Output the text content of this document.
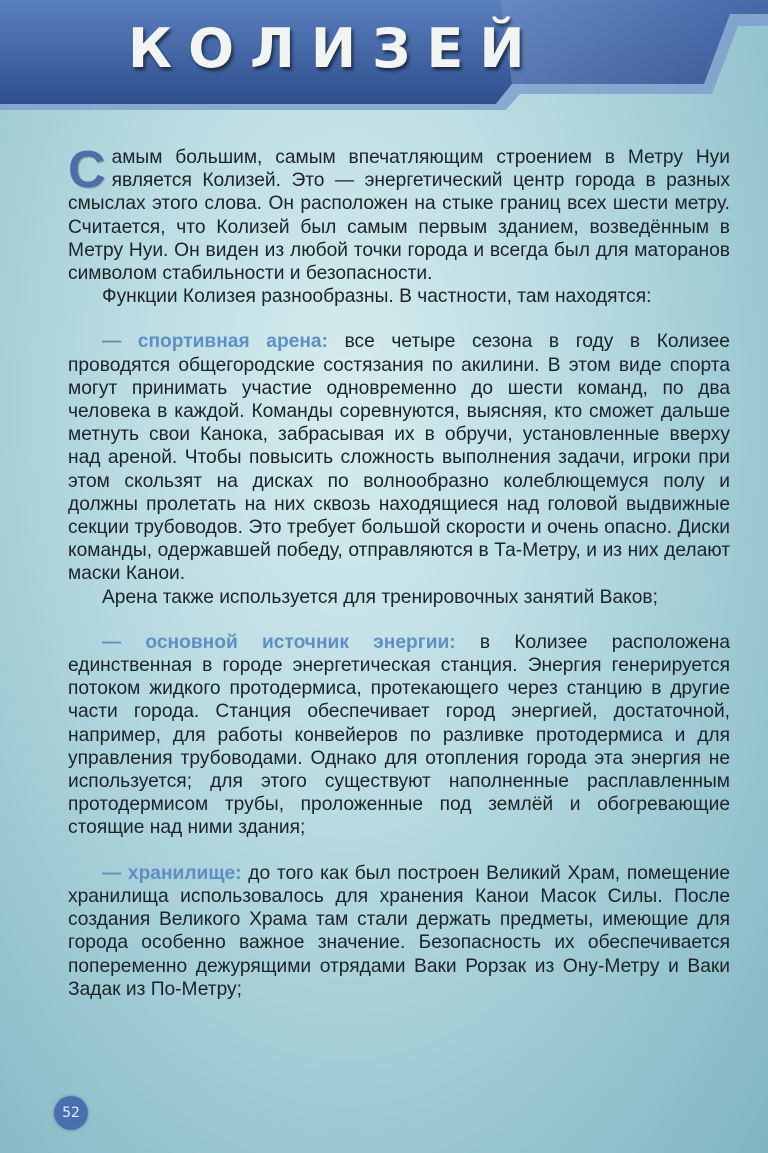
КОЛИЗЕЙ

Самым большим, самым впечатляющим строением в Метру Нуи является Колизей. Это — энергетический центр города в разных смыслах этого слова. Он расположен на стыке границ всех шести метру. Считается, что Колизей был самым первым зданием, возведённым в Метру Нуи. Он виден из любой точки города и всегда был для матoранов символом стабильности и безопасности.

Функции Колизея разнообразны. В частности, там находятся:

— спортивная арена: все четыре сезона в году в Колизее проводятся общегородские состязания по акилини. В этом виде спорта могут принимать участие одновременно до шести команд, по два человека в каждой. Команды соревнуются, выясняя, кто сможет дальше метнуть свои Канока, забрасывая их в обручи, установленные вверху над ареной. Чтобы повысить сложность выполнения задачи, игроки при этом скользят на дисках по волнообразно колеблющемуся полу и должны пролетать на них сквозь находящиеся над головой выдвижные секции трубоводов. Это требует большой скорости и очень опасно. Диски команды, одержавшей победу, отправляются в Та-Метру, и из них делают маски Канои.

Арена также используется для тренировочных занятий Ваков;

— основной источник энергии: в Колизее расположена единственная в городе энергетическая станция. Энергия генерируется потоком жидкого протодермиса, протекающего через станцию в другие части города. Станция обеспечивает город энергией, достаточной, например, для работы конвейеров по разливке протодермиса и для управления трубоводами. Однако для отопления города эта энергия не используется; для этого существуют наполненные расплавленным протодермисом трубы, проложенные под землёй и обогревающие стоящие над ними здания;

— хранилище: до того как был построен Великий Храм, помещение хранилища использовалось для хранения Канои Масок Силы. После создания Великого Храма там стали держать предметы, имеющие для города особенно важное значение. Безопасность их обеспечивается попеременно дежурящими отрядами Ваки Рорзак из Ону-Метру и Ваки Задак из По-Метру;

52
